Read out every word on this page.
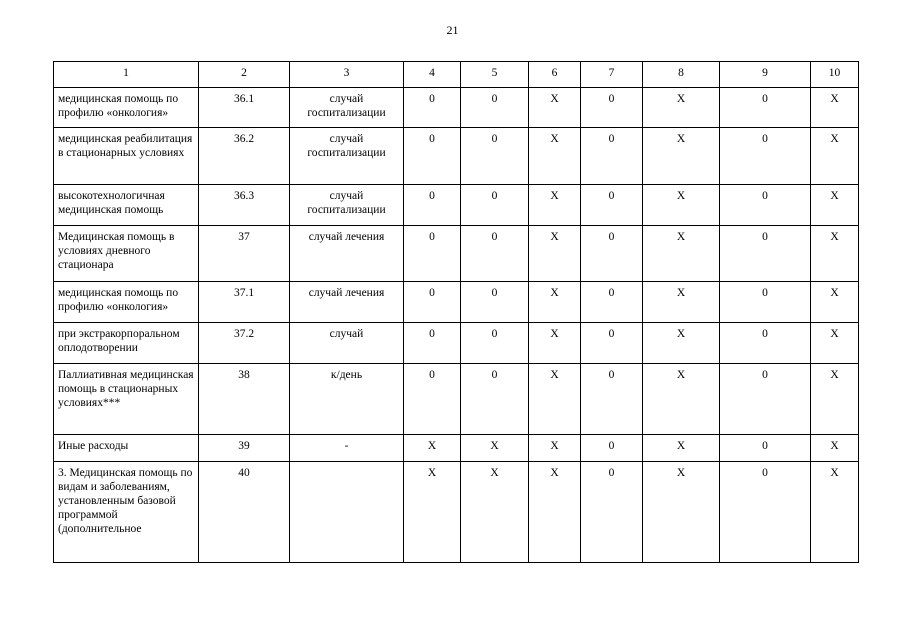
21
1	2	3	4	5	6	7	8	9	10
медицинская помощь по профилю «онкология»	36.1	случай госпитализации	0	0	Х	0	Х	0	Х
медицинская реабилитация в стационарных условиях	36.2	случай госпитализации	0	0	Х	0	Х	0	Х
высокотехнологичная медицинская помощь	36.3	случай госпитализации	0	0	Х	0	Х	0	Х
Медицинская помощь в условиях дневного стационара	37	случай лечения	0	0	Х	0	Х	0	Х
медицинская помощь по профилю «онкология»	37.1	случай лечения	0	0	Х	0	Х	0	Х
при экстракорпоральном оплодотворении	37.2	случай	0	0	Х	0	Х	0	Х
Паллиативная медицинская помощь в стационарных условиях***	38	к/день	0	0	Х	0	Х	0	Х
Иные расходы	39	-	Х	Х	Х	0	Х	0	Х
3. Медицинская помощь по видам и заболеваниям, установленным базовой программой (дополнительное	40		Х	Х	Х	0	Х	0	Х
